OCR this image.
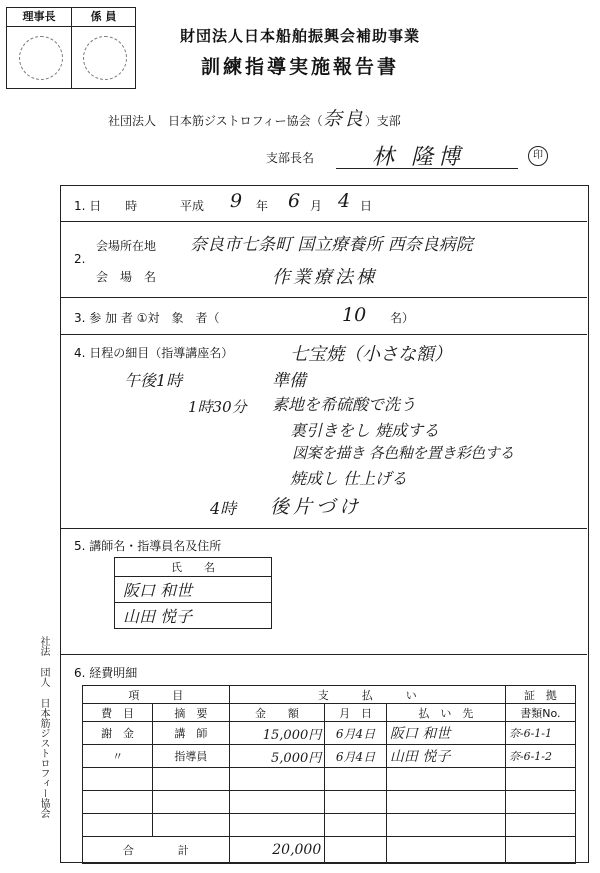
理事長	係 員
財団法人日本船舶振興会補助事業
訓練指導実施報告書
社団法人　日本筋ジストロフィー協会（奈良）支部
支部長名	林 隆博	印
1. 日　　時	平成 9 年 6 月 4 日
2.
会場所在地 奈良市七条町 国立療養所 西奈良病院
会　場　名	作業療法棟
3. 参 加 者 ①対　象　者（	10 名）
4. 日程の細目（指導講座名）	七宝焼（小さな額）
午後1時	準備
1時30分 素地を希硫酸で洗う
裏引きをし 焼成する
図案を描き 各色釉を置き彩色する
焼成し 仕上げる
4時 後片づけ
5. 講師名・指導員名及住所
氏　　名
阪口 和世
山田 悦子
社法 団人 日本筋ジストロフィー協会 6. 経費明細
項　　　目		支　　　払　　　い			証　拠
費　目	摘　要	金　　額	月　日	払　い　先	書類No.
謝　金	講　師	15,000円	6月4日	阪口 和世	奈-6-1-1
〃	指導員	5,000円	6月4日	山田 悦子	奈-6-1-2

合　　　　計		20,000			
